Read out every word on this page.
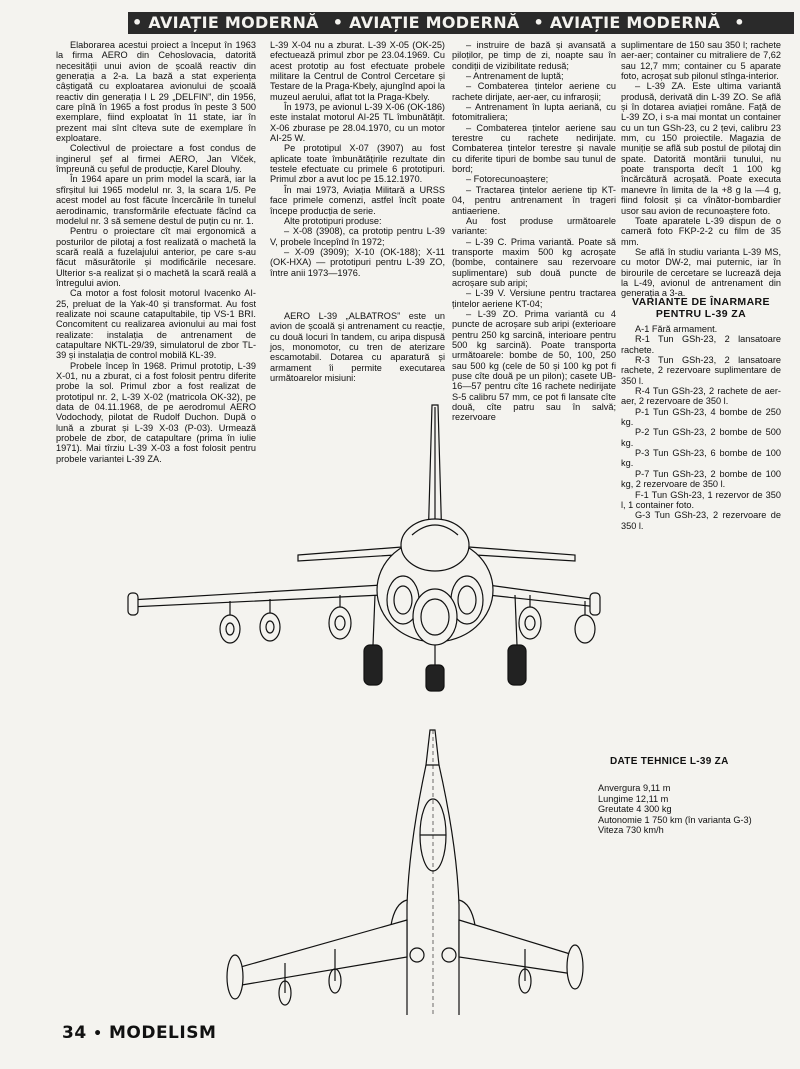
• AVIAȚIE MODERNĂ • AVIAȚIE MODERNĂ • AVIAȚIE MODERNĂ •

Elaborarea acestui proiect a început în 1963 la firma AERO din Cehoslovacia, datorită necesității unui avion de școală reactiv din generația a 2-a. La bază a stat experiența câștigată cu exploatarea avionului de școală reactiv din generația I L 29 „DELFIN”, din 1956, care pînă în 1965 a fost produs în peste 3 500 exemplare, fiind exploatat în 11 state, iar în prezent mai sînt cîteva sute de exemplare în exploatare.

Colectivul de proiectare a fost condus de inginerul șef al firmei AERO, Jan Vlček, împreună cu șeful de producție, Karel Dlouhy.

În 1964 apare un prim model la scară, iar la sfîrșitul lui 1965 modelul nr. 3, la scara 1/5. Pe acest model au fost făcute încercările în tunelul aerodinamic, transformările efectuate făcînd ca modelul nr. 3 să semene destul de puțin cu nr. 1.

Pentru o proiectare cît mai ergonomică a posturilor de pilotaj a fost realizată o machetă la scară reală a fuzelajului anterior, pe care s-au făcut măsurătorile și modificările necesare. Ulterior s-a realizat și o machetă la scară reală a întregului avion.

Ca motor a fost folosit motorul Ivacenko AI-25, preluat de la Yak-40 și transformat. Au fost realizate noi scaune catapultabile, tip VS-1 BRI. Concomitent cu realizarea avionului au mai fost realizate: instalația de antrenament de catapultare NKTL-29/39, simulatorul de zbor TL-39 și instalația de control mobilă KL-39.

Probele încep în 1968. Primul prototip, L-39 X-01, nu a zburat, ci a fost folosit pentru diferite probe la sol. Primul zbor a fost realizat de prototipul nr. 2, L-39 X-02 (matricola OK-32), pe data de 04.11.1968, de pe aerodromul AERO Vodochody, pilotat de Rudolf Duchon. După o lună a zburat și L-39 X-03 (P-03). Urmează probele de zbor, de catapultare (prima în iulie 1971). Mai tîrziu L-39 X-03 a fost folosit pentru probele variantei L-39 ZA.

L-39 X-04 nu a zburat. L-39 X-05 (OK-25) efectuează primul zbor pe 23.04.1969. Cu acest prototip au fost efectuate probele militare la Centrul de Control Cercetare și Testare de la Praga-Kbely, ajungînd apoi la muzeul aerului, aflat tot la Praga-Kbely.

În 1973, pe avionul L-39 X-06 (OK-186) este instalat motorul AI-25 TL îmbunătățit. X-06 zburase pe 28.04.1970, cu un motor AI-25 W.

Pe prototipul X-07 (3907) au fost aplicate toate îmbunătățirile rezultate din testele efectuate cu primele 6 prototipuri. Primul zbor a avut loc pe 15.12.1970.

În mai 1973, Aviația Militară a URSS face primele comenzi, astfel încît poate începe producția de serie.

Alte prototipuri produse:

– X-08 (3908), ca prototip pentru L-39 V, probele începînd în 1972;

– X-09 (3909); X-10 (OK-188); X-11 (OK-HXA) — prototipuri pentru L-39 ZO, între anii 1973—1976.

AERO L-39 „ALBATROS” este un avion de școală și antrenament cu reacție, cu două locuri în tandem, cu aripa dispusă jos, monomotor, cu tren de aterizare escamotabil. Dotarea cu aparatură și armament îi permite executarea următoarelor misiuni:

– instruire de bază și avansată a piloților, pe timp de zi, noapte sau în condiții de vizibilitate redusă;

– Antrenament de luptă;

– Combaterea țintelor aeriene cu rachete dirijate, aer-aer, cu infraroșii;

– Antrenament în lupta aeriană, cu fotomitraliera;

– Combaterea țintelor aeriene sau terestre cu rachete nedirijate. Combaterea țintelor terestre și navale cu diferite tipuri de bombe sau tunul de bord;

– Fotorecunoaștere;

– Tractarea țintelor aeriene tip KT-04, pentru antrenament în trageri antiaeriene.

Au fost produse următoarele variante:

– L-39 C. Prima variantă. Poate să transporte maxim 500 kg acroșate (bombe, containere sau rezervoare suplimentare) sub două puncte de acroșare sub aripi;

– L-39 V. Versiune pentru tractarea țintelor aeriene KT-04;

– L-39 ZO. Prima variantă cu 4 puncte de acroșare sub aripi (exterioare pentru 250 kg sarcină, interioare pentru 500 kg sarcină). Poate transporta următoarele: bombe de 50, 100, 250 sau 500 kg (cele de 50 și 100 kg pot fi puse cîte două pe un pilon); casete UB-16—57 pentru cîte 16 rachete nedirijate S-5 calibru 57 mm, ce pot fi lansate cîte două, cîte patru sau în salvă; rezervoare

suplimentare de 150 sau 350 l; rachete aer-aer; container cu mitraliere de 7,62 sau 12,7 mm; container cu 5 aparate foto, acroșat sub pilonul stînga-interior.

– L-39 ZA. Este ultima variantă produsă, derivată din L-39 ZO. Se află și în dotarea aviației române. Față de L-39 ZO, i s-a mai montat un container cu un tun GSh-23, cu 2 țevi, calibru 23 mm, cu 150 proiectile. Magazia de muniție se află sub postul de pilotaj din spate. Datorită montării tunului, nu poate transporta decît 1 100 kg încărcătură acroșată. Poate executa manevre în limita de la +8 g la —4 g, fiind folosit și ca vînător-bombardier usor sau avion de recunoaștere foto.

Toate aparatele L-39 dispun de o cameră foto FKP-2-2 cu film de 35 mm.

Se află în studiu varianta L-39 MS, cu motor DW-2, mai puternic, iar în birourile de cercetare se lucrează deja la L-49, avionul de antrenament din generația a 3-a.

VARIANTE DE ÎNARMARE PENTRU L-39 ZA

A-1 Fără armament.

R-1 Tun GSh-23, 2 lansatoare rachete.

R-3 Tun GSh-23, 2 lansatoare rachete, 2 rezervoare suplimentare de 350 l.

R-4 Tun GSh-23, 2 rachete de aer-aer, 2 rezervoare de 350 l.

P-1 Tun GSh-23, 4 bombe de 250 kg.

P-2 Tun GSh-23, 2 bombe de 500 kg.

P-3 Tun GSh-23, 6 bombe de 100 kg.

P-7 Tun GSh-23, 2 bombe de 100 kg, 2 rezervoare de 350 l.

F-1 Tun GSh-23, 1 rezervor de 350 l, 1 container foto.

G-3 Tun GSh-23, 2 rezervoare de 350 l.

DATE TEHNICE L-39 ZA
Anvergura 9,11 m
Lungime 12,11 m
Greutate 4 300 kg
Autonomie 1 750 km (în varianta G-3)
Viteza 730 km/h
34 • MODELISM
